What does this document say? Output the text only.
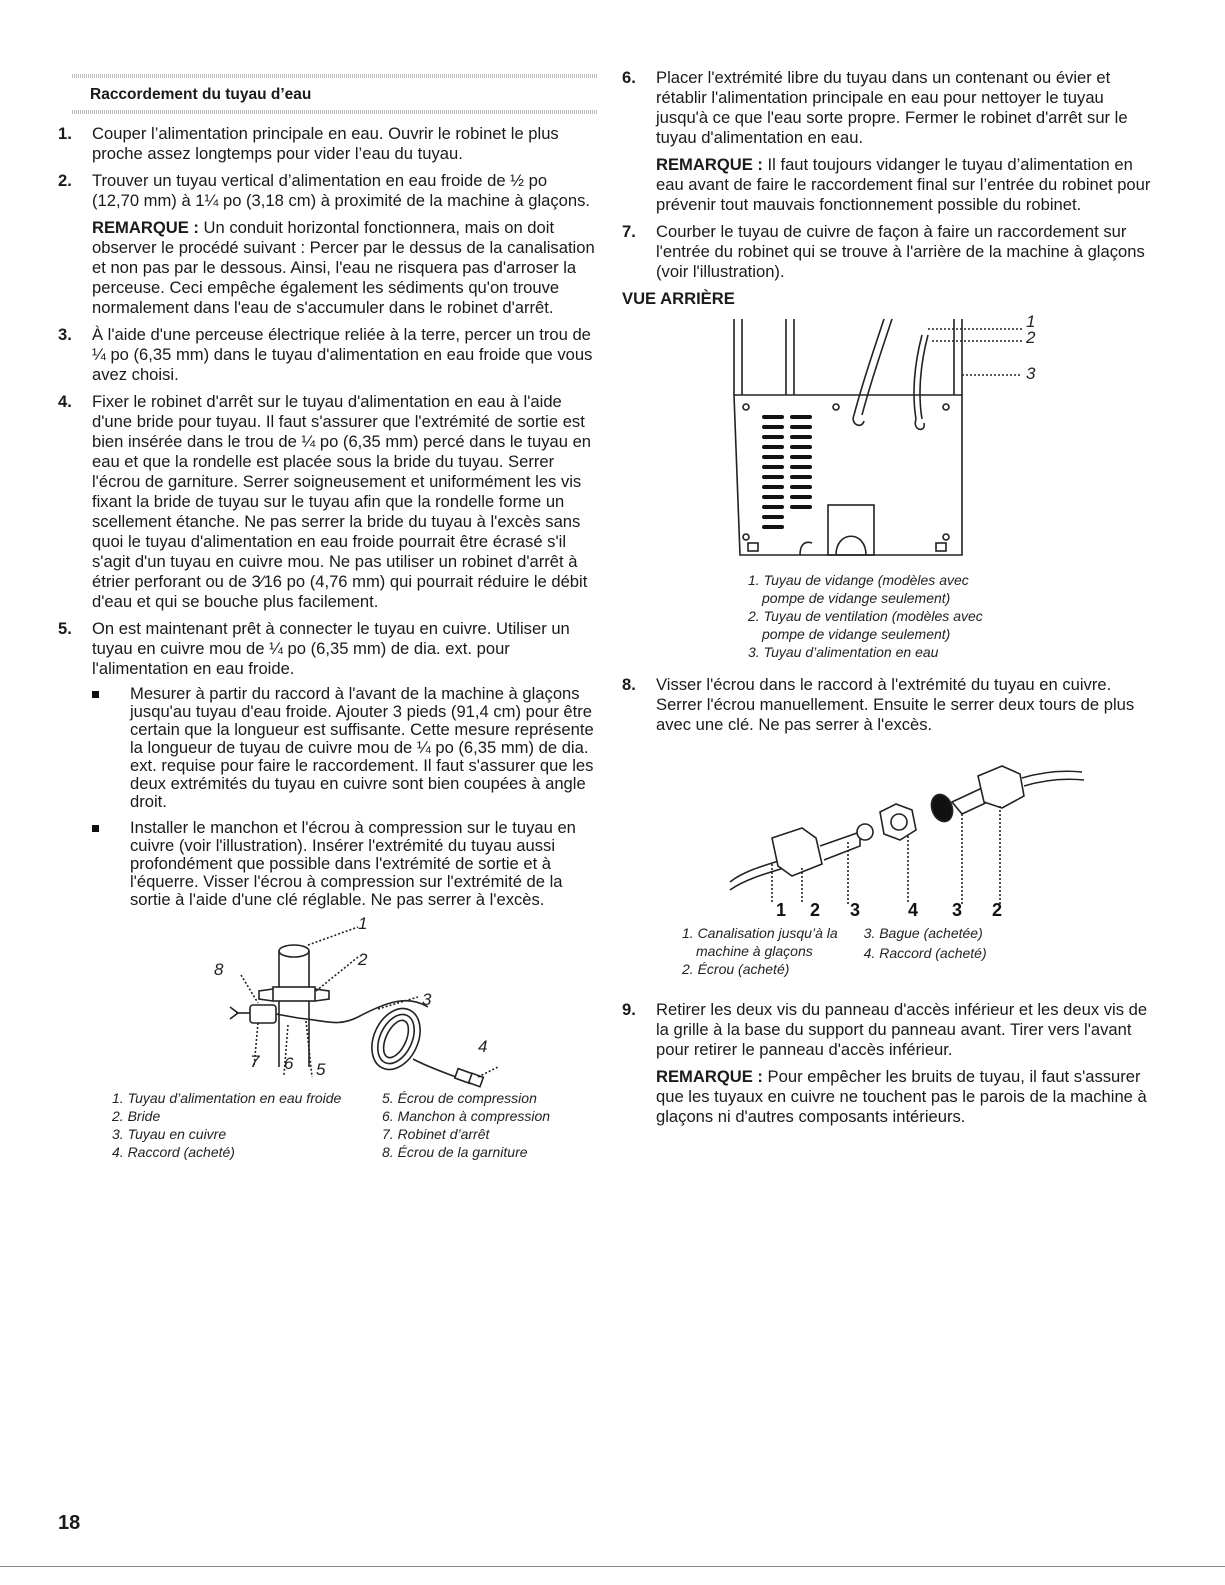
Raccordement du tuyau d’eau
1. Couper l’alimentation principale en eau. Ouvrir le robinet le plus proche assez longtemps pour vider l’eau du tuyau.

2. Trouver un tuyau vertical d’alimentation en eau froide de ½ po (12,70 mm) à 1¼ po (3,18 cm) à proximité de la machine à glaçons.

REMARQUE : Un conduit horizontal fonctionnera, mais on doit observer le procédé suivant : Percer par le dessus de la canalisation et non pas par le dessous. Ainsi, l'eau ne risquera pas d'arroser la perceuse. Ceci empêche également les sédiments qu'on trouve normalement dans l'eau de s'accumuler dans le robinet d'arrêt.

3. À l'aide d'une perceuse électrique reliée à la terre, percer un trou de ¼ po (6,35 mm) dans le tuyau d'alimentation en eau froide que vous avez choisi.

4. Fixer le robinet d'arrêt sur le tuyau d'alimentation en eau à l'aide d'une bride pour tuyau. Il faut s'assurer que l'extrémité de sortie est bien insérée dans le trou de ¼ po (6,35 mm) percé dans le tuyau en eau et que la rondelle est placée sous la bride du tuyau. Serrer l'écrou de garniture. Serrer soigneusement et uniformément les vis fixant la bride de tuyau sur le tuyau afin que la rondelle forme un scellement étanche. Ne pas serrer la bride du tuyau à l'excès sans quoi le tuyau d'alimentation en eau froide pourrait être écrasé s'il s'agit d'un tuyau en cuivre mou. Ne pas utiliser un robinet d'arrêt à étrier perforant ou de 3⁄16 po (4,76 mm) qui pourrait réduire le débit d'eau et qui se bouche plus facilement.

5. On est maintenant prêt à connecter le tuyau en cuivre. Utiliser un tuyau en cuivre mou de ¼ po (6,35 mm) de dia. ext. pour l'alimentation en eau froide.

Mesurer à partir du raccord à l'avant de la machine à glaçons jusqu'au tuyau d'eau froide. Ajouter 3 pieds (91,4 cm) pour être certain que la longueur est suffisante. Cette mesure représente la longueur de tuyau de cuivre mou de ¼ po (6,35 mm) de dia. ext. requise pour faire le raccordement. Il faut s'assurer que les deux extrémités du tuyau en cuivre sont bien coupées à angle droit.
Installer le manchon et l'écrou à compression sur le tuyau en cuivre (voir l'illustration). Insérer l'extrémité du tuyau aussi profondément que possible dans l'extrémité de sortie et à l'équerre. Visser l'écrou à compression sur l'extrémité de la sortie à l'aide d'une clé réglable. Ne pas serrer à l'excès.
1
2
3
4
5
6
7
8
1. Tuyau d’alimentation en eau froide	5. Écrou de compression
2. Bride	6. Manchon à compression
3. Tuyau en cuivre	7. Robinet d’arrêt
4. Raccord (acheté)	8. Écrou de la garniture
6. Placer l'extrémité libre du tuyau dans un contenant ou évier et rétablir l'alimentation principale en eau pour nettoyer le tuyau jusqu'à ce que l'eau sorte propre. Fermer le robinet d'arrêt sur le tuyau d'alimentation en eau.

REMARQUE : Il faut toujours vidanger le tuyau d’alimentation en eau avant de faire le raccordement final sur l’entrée du robinet pour prévenir tout mauvais fonctionnement possible du robinet.

7. Courber le tuyau de cuivre de façon à faire un raccordement sur l'entrée du robinet qui se trouve à l'arrière de la machine à glaçons (voir l'illustration).

VUE ARRIÈRE
1
2
3
1. Tuyau de vidange (modèles avec
pompe de vidange seulement)
2. Tuyau de ventilation (modèles avec
pompe de vidange seulement)
3. Tuyau d’alimentation en eau
8. Visser l'écrou dans le raccord à l'extrémité du tuyau en cuivre. Serrer l'écrou manuellement. Ensuite le serrer deux tours de plus avec une clé. Ne pas serrer à l'excès.

1 2 3	4 3 2
1. Canalisation jusqu’à la
machine à glaçons
2. Écrou (acheté)
3. Bague (achetée)
4. Raccord (acheté)
9. Retirer les deux vis du panneau d'accès inférieur et les deux vis de la grille à la base du support du panneau avant. Tirer vers l'avant pour retirer le panneau d'accès inférieur.

REMARQUE : Pour empêcher les bruits de tuyau, il faut s'assurer que les tuyaux en cuivre ne touchent pas le parois de la machine à glaçons ni d'autres composants intérieurs.

18
